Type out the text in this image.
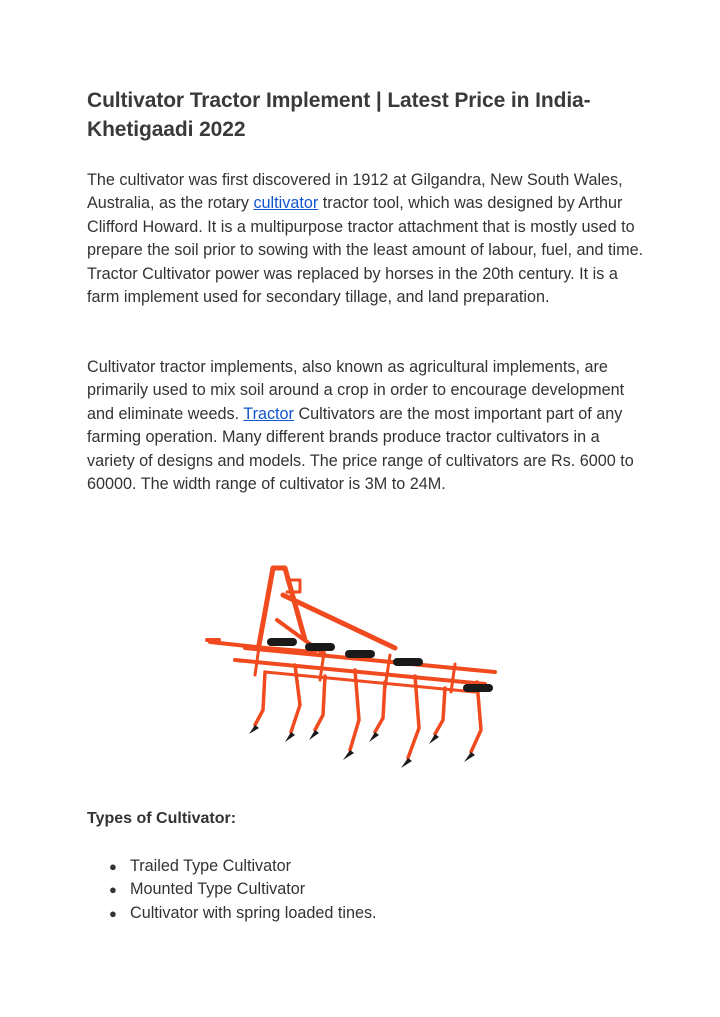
Cultivator Tractor Implement | Latest Price in India- Khetigaadi 2022

The cultivator was first discovered in 1912 at Gilgandra, New South Wales, Australia, as the rotary cultivator tractor tool, which was designed by Arthur Clifford Howard. It is a multipurpose tractor attachment that is mostly used to prepare the soil prior to sowing with the least amount of labour, fuel, and time. Tractor Cultivator power was replaced by horses in the 20th century. It is a farm implement used for secondary tillage, and land preparation.

Cultivator tractor implements, also known as agricultural implements, are primarily used to mix soil around a crop in order to encourage development and eliminate weeds. Tractor Cultivators are the most important part of any farming operation. Many different brands produce tractor cultivators in a variety of designs and models. The price range of cultivators are Rs. 6000 to 60000. The width range of cultivator is 3M to 24M.

Types of Cultivator:
● Trailed Type Cultivator
● Mounted Type Cultivator
● Cultivator with spring loaded tines.
